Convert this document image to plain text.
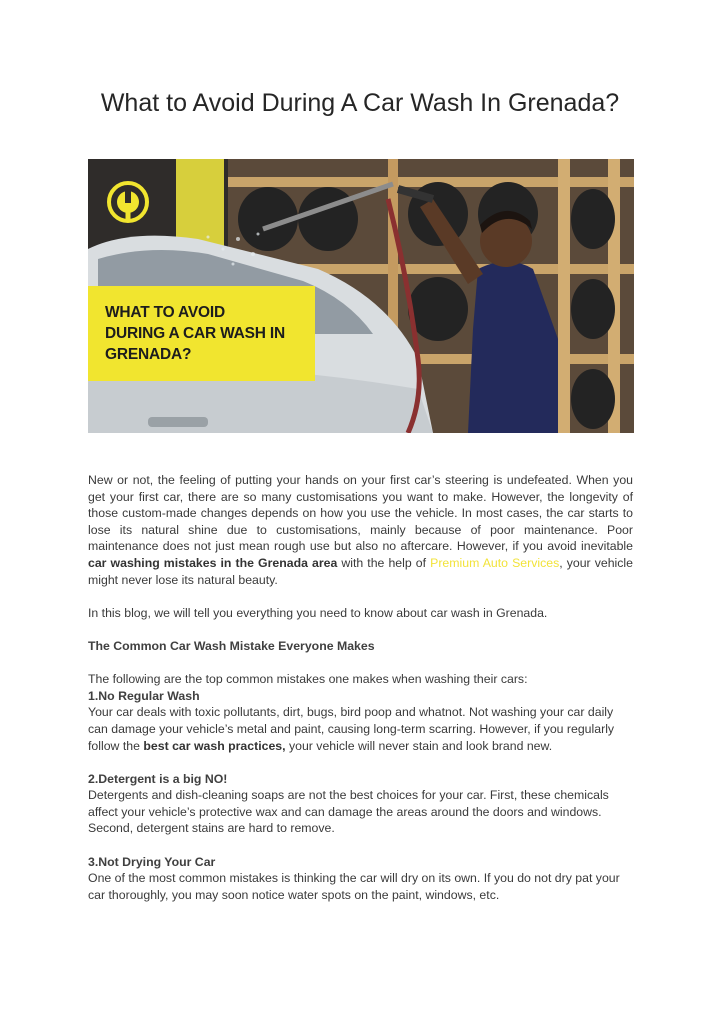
What to Avoid During A Car Wash In Grenada?
WHAT TO AVOID
DURING A CAR WASH IN
GRENADA?

New or not, the feeling of putting your hands on your first car’s steering is undefeated. When you get your first car, there are so many customisations you want to make. However, the longevity of those custom-made changes depends on how you use the vehicle. In most cases, the car starts to lose its natural shine due to customisations, mainly because of poor maintenance. Poor maintenance does not just mean rough use but also no aftercare. However, if you avoid inevitable car washing mistakes in the Grenada area with the help of Premium Auto Services, your vehicle might never lose its natural beauty.

In this blog, we will tell you everything you need to know about car wash in Grenada.

The Common Car Wash Mistake Everyone Makes

The following are the top common mistakes one makes when washing their cars:

1.No Regular Wash

Your car deals with toxic pollutants, dirt, bugs, bird poop and whatnot. Not washing your car daily can damage your vehicle’s metal and paint, causing long-term scarring. However, if you regularly follow the best car wash practices, your vehicle will never stain and look brand new.

2.Detergent is a big NO!

Detergents and dish-cleaning soaps are not the best choices for your car. First, these chemicals affect your vehicle’s protective wax and can damage the areas around the doors and windows. Second, detergent stains are hard to remove.

3.Not Drying Your Car

One of the most common mistakes is thinking the car will dry on its own. If you do not dry pat your car thoroughly, you may soon notice water spots on the paint, windows, etc.
